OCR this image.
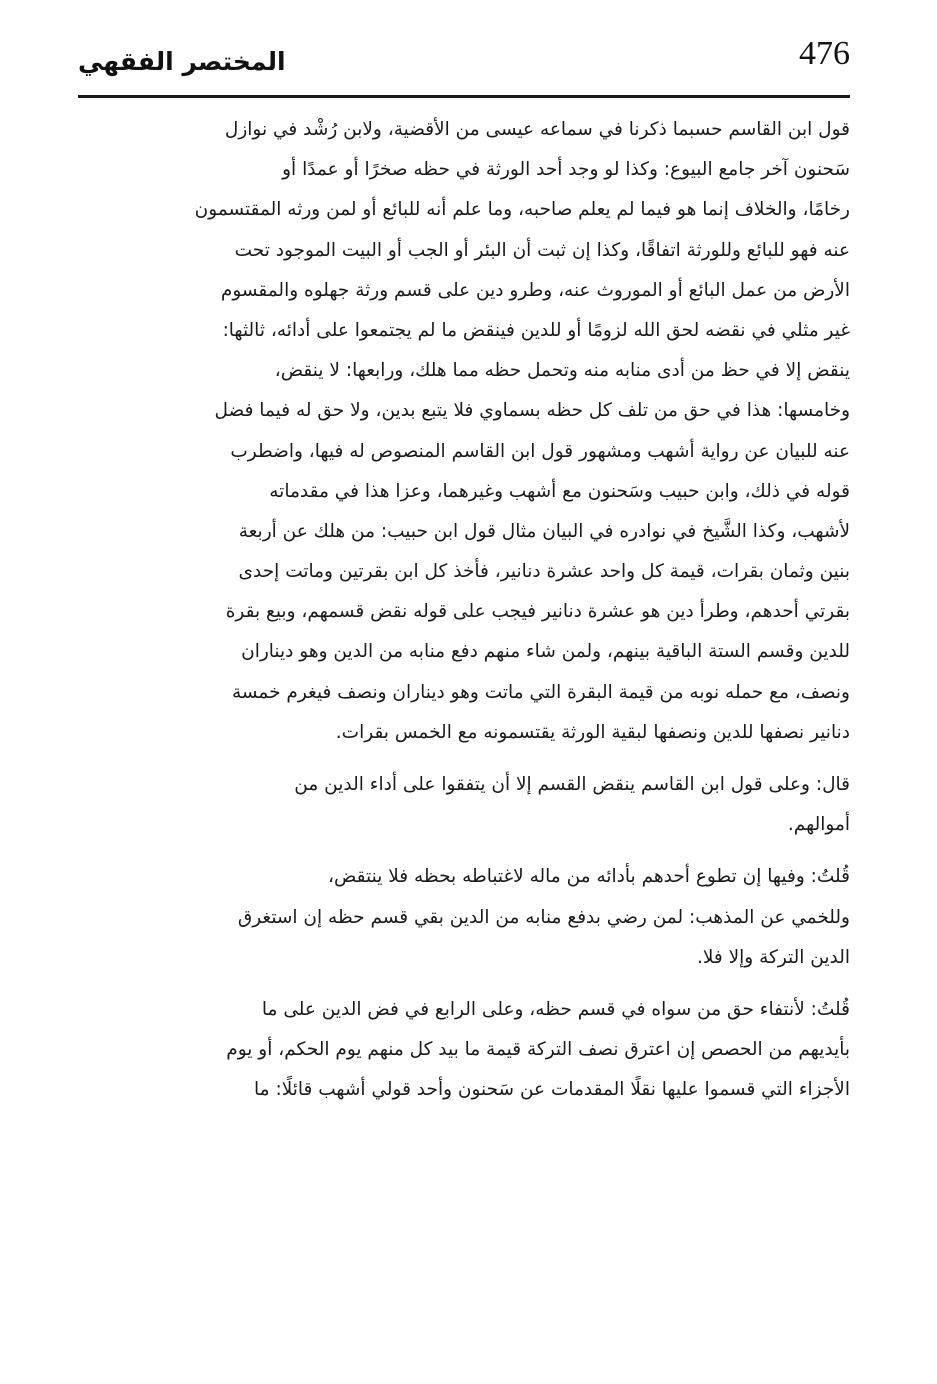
476
المختصر الفقهي
قول ابن القاسم حسبما ذكرنا في سماعه عيسى من الأقضية، ولابن رُشْد في نوازل
سَحنون آخر جامع البيوع: وكذا لو وجد أحد الورثة في حظه صخرًا أو عمدًا أو
رخامًا، والخلاف إنما هو فيما لم يعلم صاحبه، وما علم أنه للبائع أو لمن ورثه المقتسمون
عنه فهو للبائع وللورثة اتفاقًا، وكذا إن ثبت أن البئر أو الجب أو البيت الموجود تحت
الأرض من عمل البائع أو الموروث عنه، وطرو دين على قسم ورثة جهلوه والمقسوم
غير مثلي في نقضه لحق الله لزومًا أو للدين فينقض ما لم يجتمعوا على أدائه، ثالثها:
ينقض إلا في حظ من أدى منابه منه وتحمل حظه مما هلك، ورابعها: لا ينقض،
وخامسها: هذا في حق من تلف كل حظه بسماوي فلا يتبع بدين، ولا حق له فيما فضل
عنه للبيان عن رواية أشهب ومشهور قول ابن القاسم المنصوص له فيها، واضطرب
قوله في ذلك، وابن حبيب وسَحنون مع أشهب وغيرهما، وعزا هذا في مقدماته
لأشهب، وكذا الشَّيخ في نوادره في البيان مثال قول ابن حبيب: من هلك عن أربعة
بنين وثمان بقرات، قيمة كل واحد عشرة دنانير، فأخذ كل ابن بقرتين وماتت إحدى
بقرتي أحدهم، وطرأ دين هو عشرة دنانير فيجب على قوله نقض قسمهم، وبيع بقرة
للدين وقسم الستة الباقية بينهم، ولمن شاء منهم دفع منابه من الدين وهو ديناران
ونصف، مع حمله نوبه من قيمة البقرة التي ماتت وهو ديناران ونصف فيغرم خمسة
دنانير نصفها للدين ونصفها لبقية الورثة يقتسمونه مع الخمس بقرات.
قال: وعلى قول ابن القاسم ينقض القسم إلا أن يتفقوا على أداء الدين من
أموالهم.
قُلتُ: وفيها إن تطوع أحدهم بأدائه من ماله لاغتباطه بحظه فلا ينتقض،
وللخمي عن المذهب: لمن رضي بدفع منابه من الدين بقي قسم حظه إن استغرق
الدين التركة وإلا فلا.
قُلتُ: لأنتفاء حق من سواه في قسم حظه، وعلى الرابع في فض الدين على ما
بأيديهم من الحصص إن اعترق نصف التركة قيمة ما بيد كل منهم يوم الحكم، أو يوم
الأجزاء التي قسموا عليها نقلًا المقدمات عن سَحنون وأحد قولي أشهب قائلًا: ما
